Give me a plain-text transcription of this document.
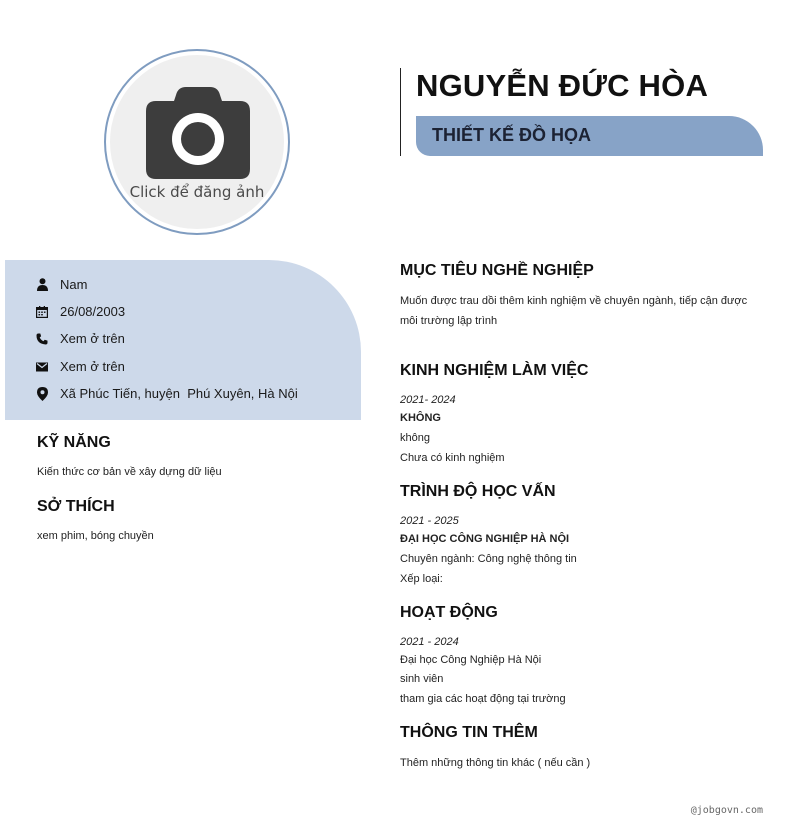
Click để đăng ảnh
NGUYỄN ĐỨC HÒA
THIẾT KẾ ĐỒ HỌA
Nam
26/08/2003
Xem ở trên
Xem ở trên
Xã Phúc Tiến, huyện  Phú Xuyên, Hà Nội
KỸ NĂNG
Kiến thức cơ bản về xây dựng dữ liệu
SỞ THÍCH
xem phim, bóng chuyền
MỤC TIÊU NGHỀ NGHIỆP
Muốn được trau dồi thêm kinh nghiệm về chuyên ngành, tiếp cận được môi trường lập trình
KINH NGHIỆM LÀM VIỆC
2021- 2024
KHÔNG
không
Chưa có kinh nghiệm
TRÌNH ĐỘ HỌC VẤN
2021 - 2025
ĐẠI HỌC CÔNG NGHIỆP HÀ NỘI
Chuyên ngành: Công nghệ thông tin
Xếp loại:
HOẠT ĐỘNG
2021 - 2024
Đại học Công Nghiệp Hà Nội
sinh viên
tham gia các hoạt động tại trường
THÔNG TIN THÊM
Thêm những thông tin khác ( nếu cần )
@jobgovn.com
